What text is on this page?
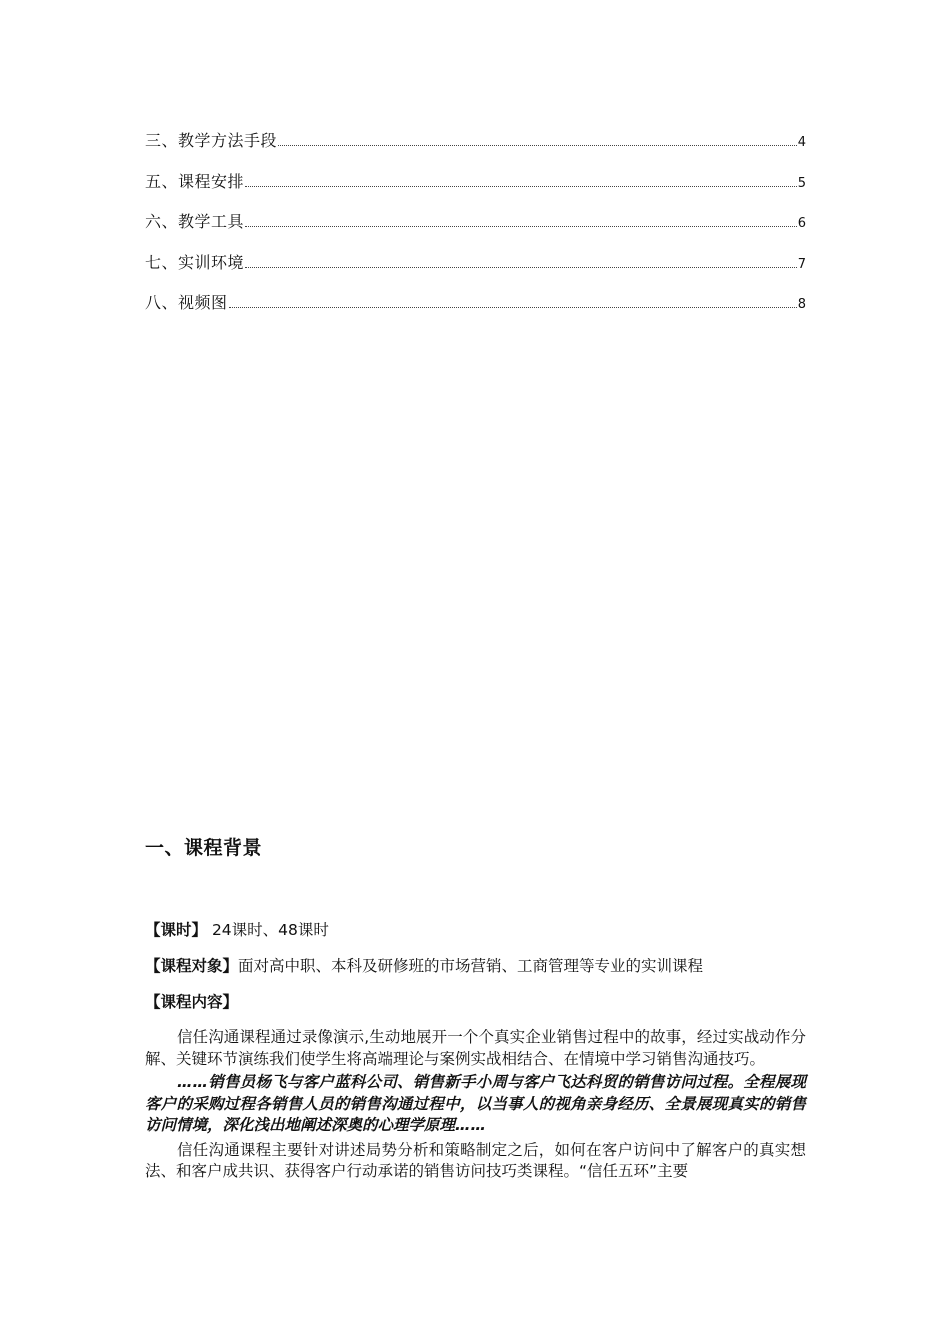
三、教学方法手段	4
五、课程安排	5
六、教学工具	6
七、实训环境	7
八、视频图	8
一、课程背景

【课时】 24课时、48课时

【课程对象】面对高中职、本科及研修班的市场营销、工商管理等专业的实训课程

【课程内容】

信任沟通课程通过录像演示,生动地展开一个个真实企业销售过程中的故事，经过实战动作分解、关键环节演练我们使学生将高端理论与案例实战相结合、在情境中学习销售沟通技巧。

……销售员杨飞与客户蓝科公司、销售新手小周与客户飞达科贸的销售访问过程。全程展现客户的采购过程各销售人员的销售沟通过程中，以当事人的视角亲身经历、全景展现真实的销售访问情境，深化浅出地阐述深奥的心理学原理……

信任沟通课程主要针对讲述局势分析和策略制定之后，如何在客户访问中了解客户的真实想法、和客户成共识、获得客户行动承诺的销售访问技巧类课程。“信任五环”主要
